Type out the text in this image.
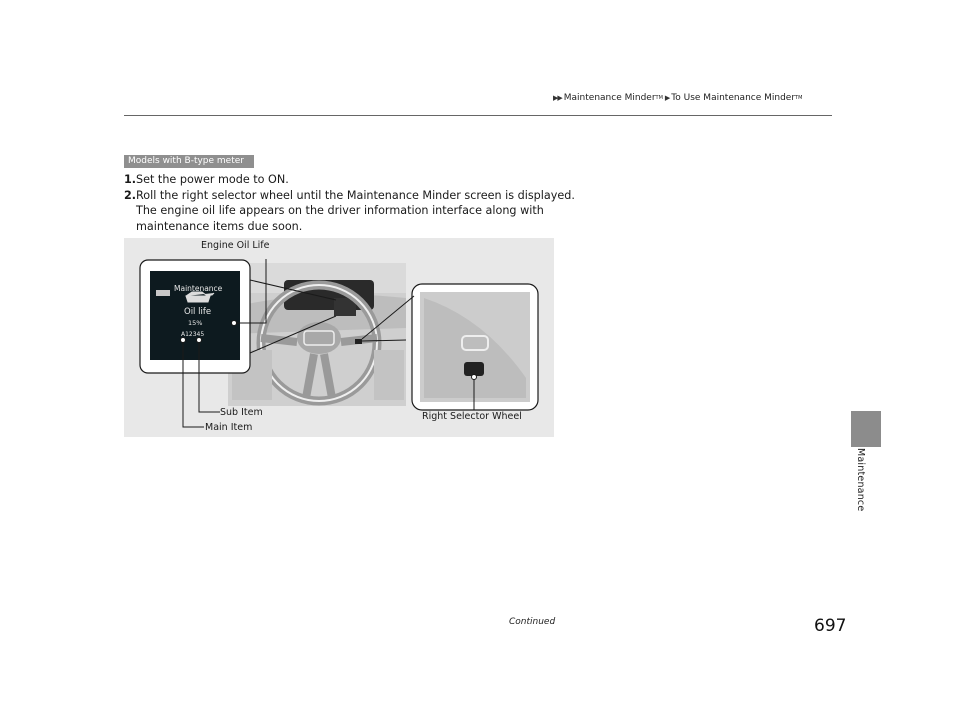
▶▶ Maintenance Minder TM ▶ To Use Maintenance Minder TM
Maintenance
Models with B-type meter
1. Set the power mode to ON.
2. Roll the right selector wheel until the Maintenance Minder screen is displayed.
The engine oil life appears on the driver information interface along with
maintenance items due soon.
Maintenance
Oil life
15%
A12345
Engine Oil Life
Sub Item
Main Item
Right Selector Wheel
Continued	697
